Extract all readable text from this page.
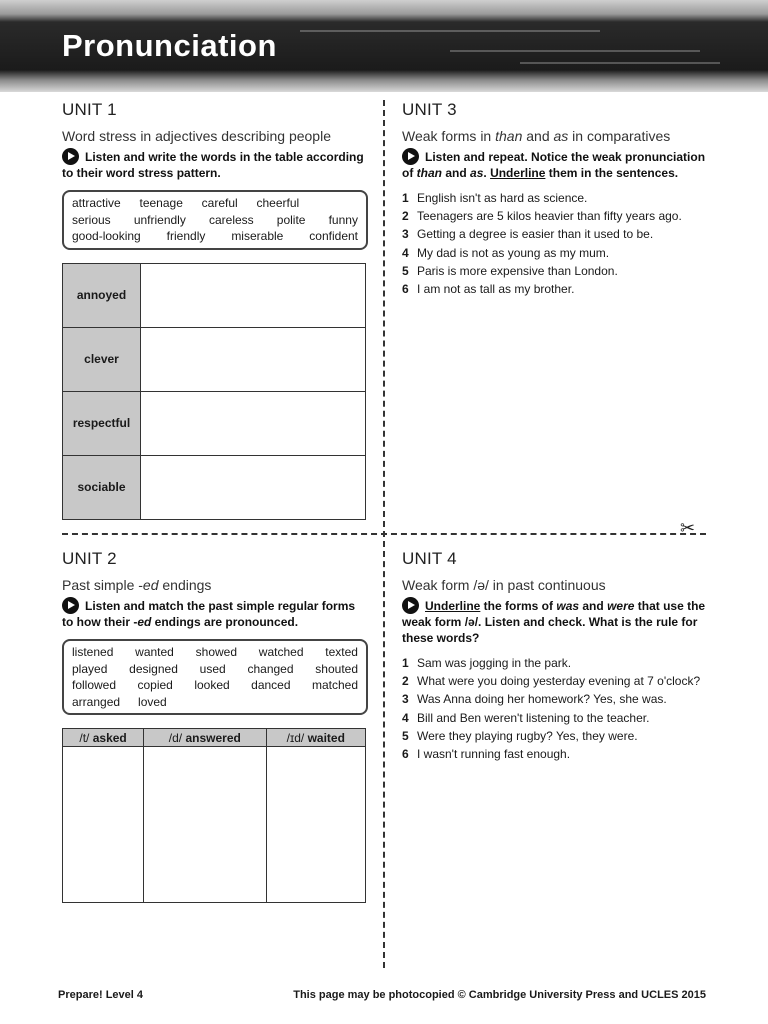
Pronunciation
✂
UNIT 1
Word stress in adjectives describing people
Listen and write the words in the table according to their word stress pattern.
attractive teenage careful cheerful
serious unfriendly careless polite funny
good-looking friendly miserable confident
annoyed	
clever	
respectful	
sociable	
UNIT 3
Weak forms in than and as in comparatives
Listen and repeat. Notice the weak pronunciation of than and as. Underline them in the sentences.
1 English isn't as hard as science.
2 Teenagers are 5 kilos heavier than fifty years ago.
3 Getting a degree is easier than it used to be.
4 My dad is not as young as my mum.
5 Paris is more expensive than London.
6 I am not as tall as my brother.
UNIT 2
Past simple -ed endings
Listen and match the past simple regular forms to how their -ed endings are pronounced.
listened wanted showed watched texted
played designed used changed shouted
followed copied looked danced matched
arranged loved
/t/ asked	/d/ answered	/ɪd/ waited

UNIT 4
Weak form /ə/ in past continuous
Underline the forms of was and were that use the weak form /ə/. Listen and check. What is the rule for these words?
1 Sam was jogging in the park.
2 What were you doing yesterday evening at 7 o'clock?
3 Was Anna doing her homework? Yes, she was.
4 Bill and Ben weren't listening to the teacher.
5 Were they playing rugby? Yes, they were.
6 I wasn't running fast enough.
Prepare! Level 4	This page may be photocopied © Cambridge University Press and UCLES 2015
